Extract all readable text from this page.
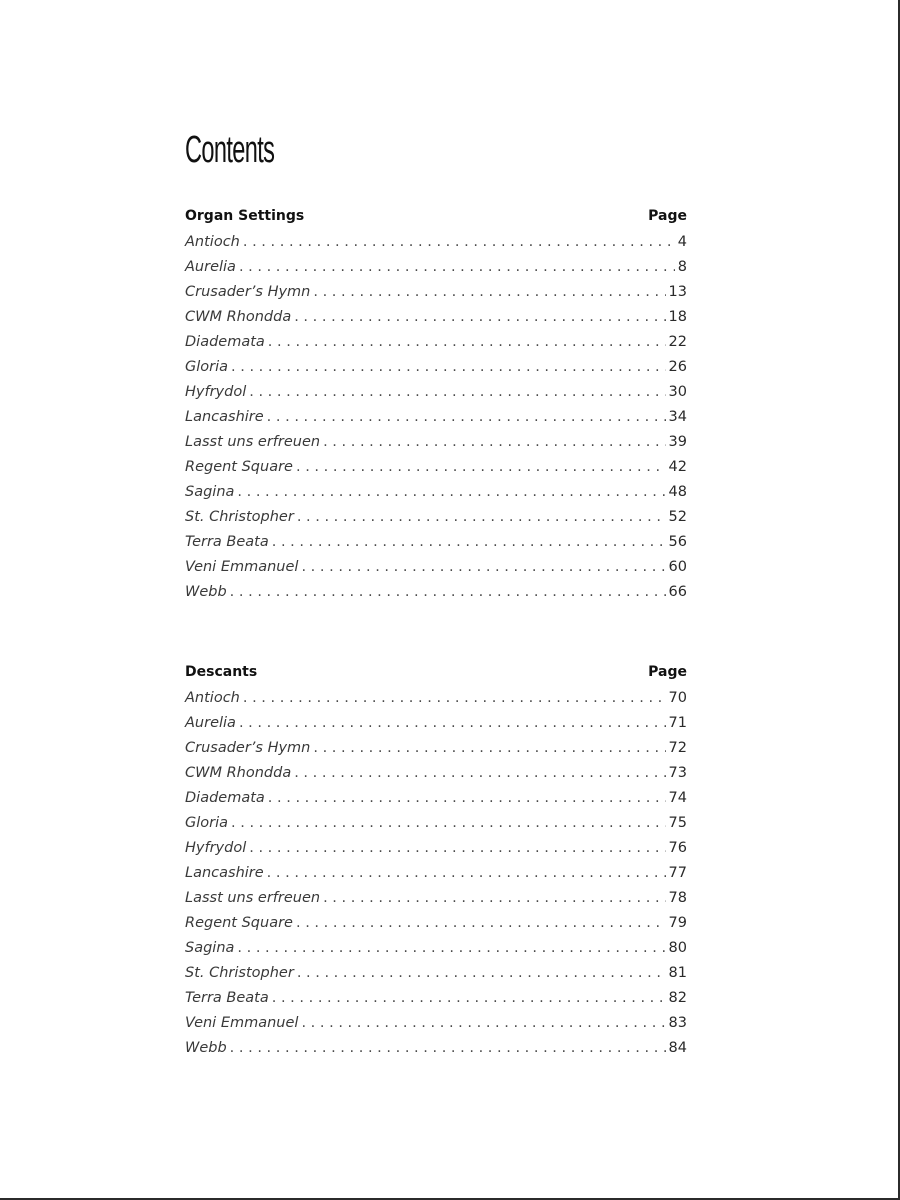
Contents
Organ Settings	Page
Antioch . . .	4
Aurelia . . .	8
Crusader’s Hymn . . .	13
CWM Rhondda . . .	18
Diademata . . .	22
Gloria . . .	26
Hyfrydol . . .	30
Lancashire . . .	34
Lasst uns erfreuen . . .	39
Regent Square . . .	42
Sagina . . .	48
St. Christopher . . .	52
Terra Beata . . .	56
Veni Emmanuel . . .	60
Webb . . .	66
Descants	Page
Antioch . . .	70
Aurelia . . .	71
Crusader’s Hymn . . .	72
CWM Rhondda . . .	73
Diademata . . .	74
Gloria . . .	75
Hyfrydol . . .	76
Lancashire . . .	77
Lasst uns erfreuen . . .	78
Regent Square . . .	79
Sagina . . .	80
St. Christopher . . .	81
Terra Beata . . .	82
Veni Emmanuel . . .	83
Webb . . .	84
